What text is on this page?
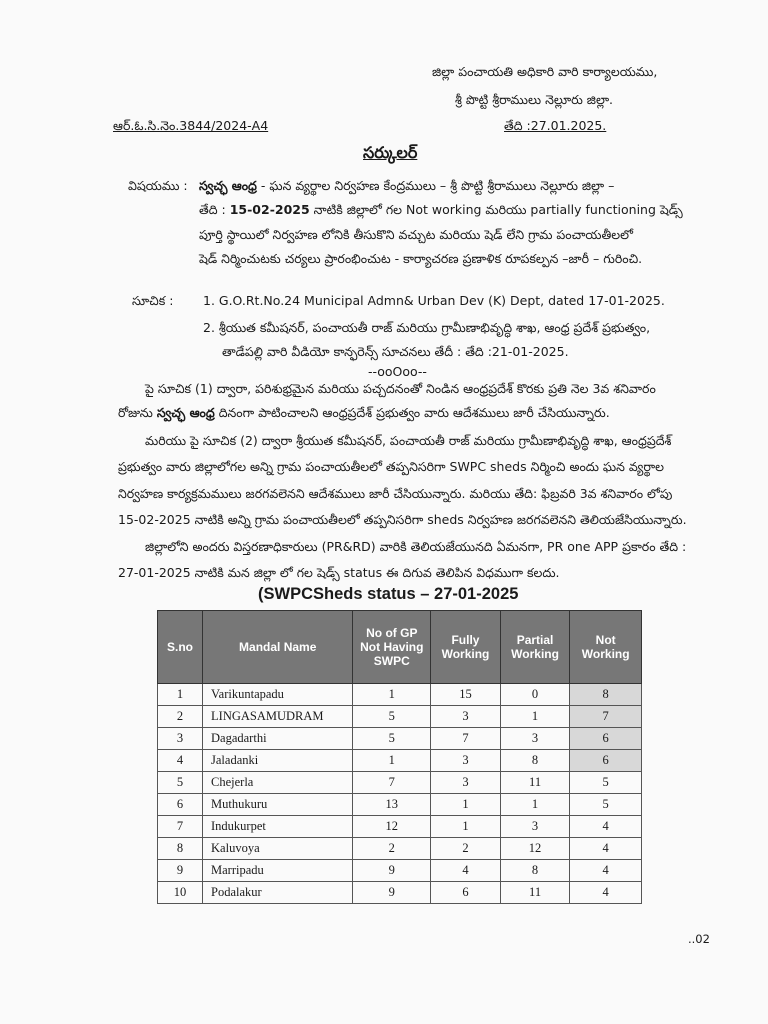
జిల్లా పంచాయతి అధికారి వారి కార్యాలయము,
శ్రీ పొట్టి శ్రీరాములు నెల్లూరు జిల్లా.
ఆర్.ఓ.సి.నెం.3844/2024-A4	తేది :27.01.2025.
సర్కులర్
విషయము : స్వచ్ఛ ఆంధ్ర - ఘన వ్యర్థాల నిర్వహణ కేంద్రములు – శ్రీ పొట్టి శ్రీరాములు నెల్లూరు జిల్లా –
తేది : 15-02-2025 నాటికి జిల్లాలో గల Not working మరియు partially functioning షెడ్స్
పూర్తి స్థాయిలో నిర్వహణ లోనికి తీసుకొని వచ్చుట మరియు షెడ్ లేని గ్రామ పంచాయతీలలో
షెడ్ నిర్మించుటకు చర్యలు ప్రారంభించుట - కార్యాచరణ ప్రణాళిక రూపకల్పన –జారీ – గురించి.
సూచిక : 1. G.O.Rt.No.24 Municipal Admn& Urban Dev (K) Dept, dated 17-01-2025.
2. శ్రీయుత కమీషనర్, పంచాయతీ రాజ్ మరియు గ్రామీణాభివృద్ధి శాఖ, ఆంధ్ర ప్రదేశ్ ప్రభుత్వం,
తాడేపల్లి వారి వీడియో కాన్ఫరెన్స్ సూచనలు తేదీ : తేది :21-01-2025.
--ooOoo--
పై సూచిక (1) ద్వారా, పరిశుభ్రమైన మరియు పచ్చదనంతో నిండిన ఆంధ్రప్రదేశ్ కొరకు ప్రతి నెల 3వ శనివారం
రోజును స్వచ్ఛ ఆంధ్ర దినంగా పాటించాలని ఆంధ్రప్రదేశ్ ప్రభుత్వం వారు ఆదేశములు జారీ చేసియున్నారు.
మరియు పై సూచిక (2) ద్వారా శ్రీయుత కమీషనర్, పంచాయతీ రాజ్ మరియు గ్రామీణాభివృద్ధి శాఖ, ఆంధ్రప్రదేశ్
ప్రభుత్వం వారు జిల్లాలోగల అన్ని గ్రామ పంచాయతీలలో తప్పనిసరిగా SWPC sheds నిర్మించి అందు ఘన వ్యర్థాల
నిర్వహణ కార్యక్రమములు జరగవలెనని ఆదేశములు జారీ చేసియున్నారు. మరియు తేది: ఫిబ్రవరి 3వ శనివారం లోపు
15-02-2025 నాటికి అన్ని గ్రామ పంచాయతీలలో తప్పనిసరిగా sheds నిర్వహణ జరగవలెనని తెలియజేసియున్నారు.
జిల్లాలోని అందరు విస్తరణాధికారులు (PR&RD) వారికి తెలియజేయునది ఏమనగా, PR one APP ప్రకారం తేది :
27-01-2025 నాటికి మన జిల్లా లో గల షెడ్స్ status ఈ దిగువ తెలిపిన విధముగా కలదు.
(SWPCSheds status – 27-01-2025
S.no	Mandal Name	No of GP Not Having SWPC	Fully Working	Partial Working	Not Working
1	Varikuntapadu	1	15	0	8
2	LINGASAMUDRAM	5	3	1	7
3	Dagadarthi	5	7	3	6
4	Jaladanki	1	3	8	6
5	Chejerla	7	3	11	5
6	Muthukuru	13	1	1	5
7	Indukurpet	12	1	3	4
8	Kaluvoya	2	2	12	4
9	Marripadu	9	4	8	4
10	Podalakur	9	6	11	4
..02
